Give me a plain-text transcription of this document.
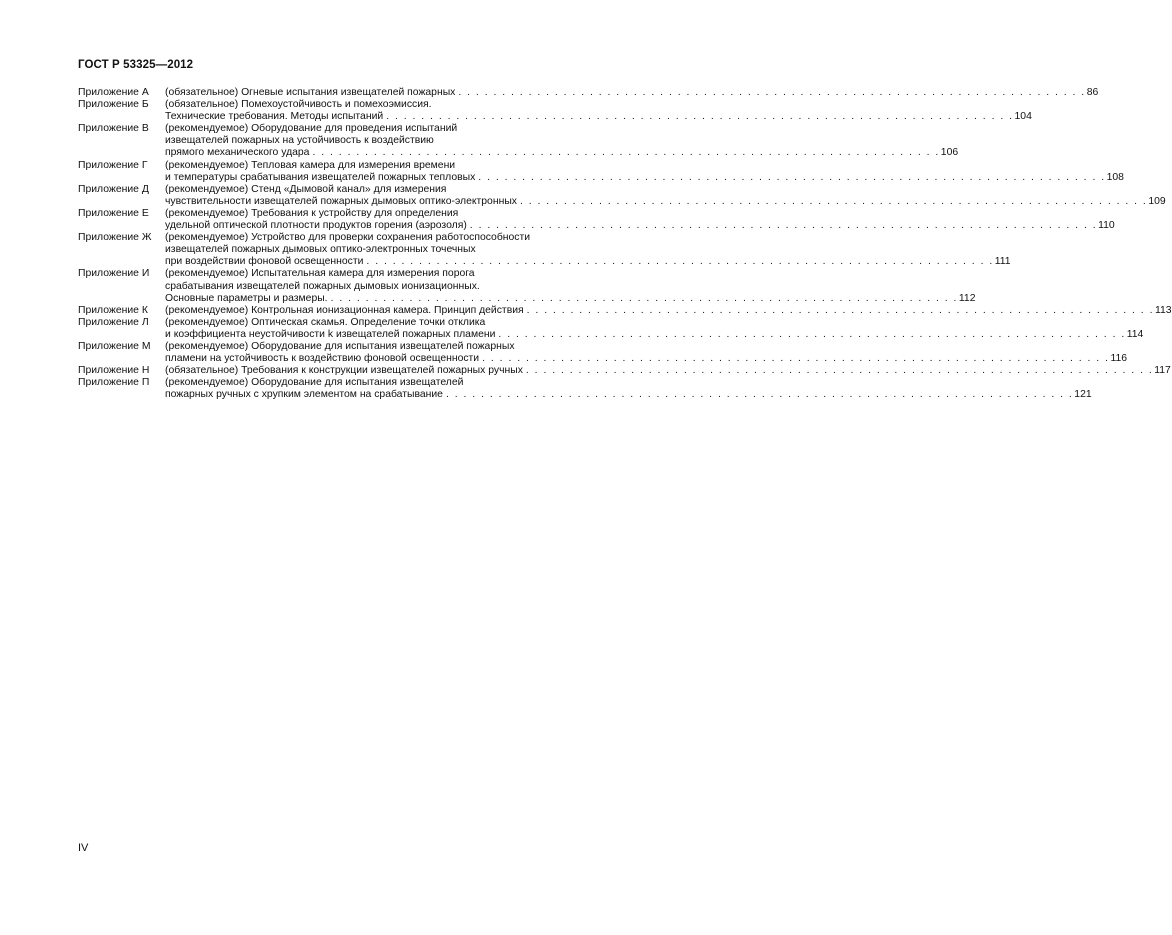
ГОСТ Р 53325—2012
Приложение А	(обязательное) Огневые испытания извещателей пожарных . . . . . . . . . . . . . . . . . . . . . . . . . . . . . . . . . . . . . . . . . . . . . . . . . . . . . . . . . . . . . . . . . . . . . . . . 86
Приложение Б	(обязательное) Помехоустойчивость и помехоэмиссия.
Технические требования. Методы испытаний . . . . . . . . . . . . . . . . . . . . . . . . . . . . . . . . . . . . . . . . . . . . . . . . . . . . . . . . . . . . . . . . . . . . . . . . 104
Приложение В	(рекомендуемое) Оборудование для проведения испытаний
извещателей пожарных на устойчивость к воздействию
прямого механического удара . . . . . . . . . . . . . . . . . . . . . . . . . . . . . . . . . . . . . . . . . . . . . . . . . . . . . . . . . . . . . . . . . . . . . . . . 106
Приложение Г	(рекомендуемое) Тепловая камера для измерения времени
и температуры срабатывания извещателей пожарных тепловых . . . . . . . . . . . . . . . . . . . . . . . . . . . . . . . . . . . . . . . . . . . . . . . . . . . . . . . . . . . . . . . . . . . . . . . . 108
Приложение Д	(рекомендуемое) Стенд «Дымовой канал» для измерения
чувствительности извещателей пожарных дымовых оптико-электронных . . . . . . . . . . . . . . . . . . . . . . . . . . . . . . . . . . . . . . . . . . . . . . . . . . . . . . . . . . . . . . . . . . . . . . . . 109
Приложение Е	(рекомендуемое) Требования к устройству для определения
удельной оптической плотности продуктов горения (аэрозоля) . . . . . . . . . . . . . . . . . . . . . . . . . . . . . . . . . . . . . . . . . . . . . . . . . . . . . . . . . . . . . . . . . . . . . . . . 110
Приложение Ж	(рекомендуемое) Устройство для проверки сохранения работоспособности
извещателей пожарных дымовых оптико-электронных точечных
при воздействии фоновой освещенности . . . . . . . . . . . . . . . . . . . . . . . . . . . . . . . . . . . . . . . . . . . . . . . . . . . . . . . . . . . . . . . . . . . . . . . . 111
Приложение И	(рекомендуемое) Испытательная камера для измерения порога
срабатывания извещателей пожарных дымовых ионизационных.
Основные параметры и размеры. . . . . . . . . . . . . . . . . . . . . . . . . . . . . . . . . . . . . . . . . . . . . . . . . . . . . . . . . . . . . . . . . . . . . . . . . 112
Приложение К	(рекомендуемое) Контрольная ионизационная камера. Принцип действия . . . . . . . . . . . . . . . . . . . . . . . . . . . . . . . . . . . . . . . . . . . . . . . . . . . . . . . . . . . . . . . . . . . . . . . . 113
Приложение Л	(рекомендуемое) Оптическая скамья. Определение точки отклика
и коэффициента неустойчивости k извещателей пожарных пламени . . . . . . . . . . . . . . . . . . . . . . . . . . . . . . . . . . . . . . . . . . . . . . . . . . . . . . . . . . . . . . . . . . . . . . . . 114
Приложение М	(рекомендуемое) Оборудование для испытания извещателей пожарных
пламени на устойчивость к воздействию фоновой освещенности . . . . . . . . . . . . . . . . . . . . . . . . . . . . . . . . . . . . . . . . . . . . . . . . . . . . . . . . . . . . . . . . . . . . . . . . 116
Приложение Н	(обязательное) Требования к конструкции извещателей пожарных ручных . . . . . . . . . . . . . . . . . . . . . . . . . . . . . . . . . . . . . . . . . . . . . . . . . . . . . . . . . . . . . . . . . . . . . . . . 117
Приложение П	(рекомендуемое) Оборудование для испытания извещателей
пожарных ручных с хрупким элементом на срабатывание . . . . . . . . . . . . . . . . . . . . . . . . . . . . . . . . . . . . . . . . . . . . . . . . . . . . . . . . . . . . . . . . . . . . . . . . 121
IV
